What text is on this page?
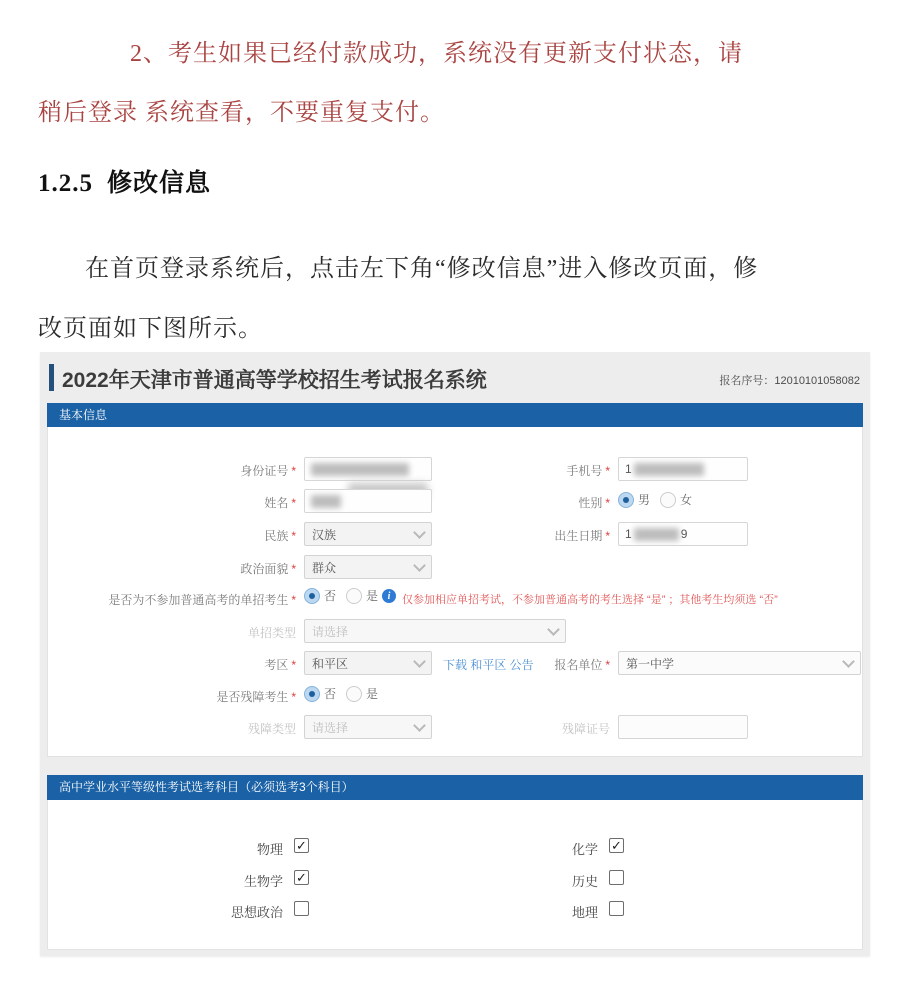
2、考生如果已经付款成功，系统没有更新支付状态，请
稍后登录 系统查看，不要重复支付。
1.2.5 修改信息
在首页登录系统后，点击左下角“修改信息”进入修改页面，修
改页面如下图所示。
2022年天津市普通高等学校招生考试报名系统	报名序号：12010101058082
基本信息
身份证号 *	手机号 * 1
姓名 *	性别 * 男	女
民族 * 汉族	出生日期 * 1	9
政治面貌 * 群众
是否为不参加普通高考的单招考生 * 否	是 i	仅参加相应单招考试，不参加普通高考的考生选择 “是” ；其他考生均须选 “否”
单招类型 请选择
考区 * 和平区	下载 和平区 公告	报名单位 * 第一中学
是否残障考生 * 否	是
残障类型 请选择	残障证号
高中学业水平等级性考试选考科目（必须选考3个科目）
物理 ✓	化学 ✓
生物学 ✓	历史
思想政治	地理
